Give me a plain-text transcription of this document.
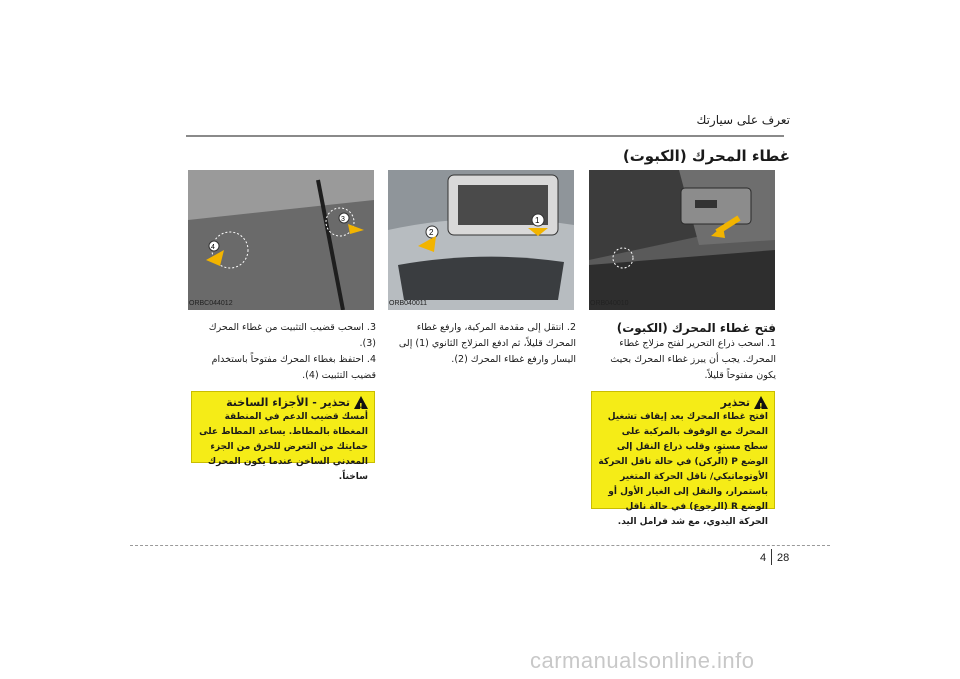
تعرف على سيارتك
غطاء المحرك (الكبوت)
ORB040010
1
2
ORB040011
3
4
ORBC044012
فتح غطاء المحرك (الكبوت)
1. اسحب ذراع التحرير لفتح مزلاج غطاء المحرك. يجب أن يبرز غطاء المحرك بحيث يكون مفتوحاً قليلاً.
!
تحذير
افتح غطاء المحرك بعد إيقاف تشغيل المحرك مع الوقوف بالمركبة على سطح مستوٍ، وقلب ذراع النقل إلى الوضع P (الركن) في حالة ناقل الحركة الأوتوماتيكي/ ناقل الحركة المتغير باستمرار، والنقل إلى الغيار الأول أو الوضع R (الرجوع) في حالة ناقل الحركة اليدوي، مع شد فرامل اليد.
2. انتقل إلى مقدمة المركبة، وارفع غطاء المحرك قليلاً، ثم ادفع المزلاج الثانوي (1) إلى اليسار وارفع غطاء المحرك (2).
3. اسحب قضيب التثبيت من غطاء المحرك (3).
4. احتفظ بغطاء المحرك مفتوحاً باستخدام قضيب التثبيت (4).
!
تحذير - الأجزاء الساخنة
أمسك قضيب الدعم في المنطقة المغطاة بالمطاط. يساعد المطاط على حمايتك من التعرض للحرق من الجزء المعدني الساخن عندما يكون المحرك ساخناً.
4 28
carmanualsonline.info
